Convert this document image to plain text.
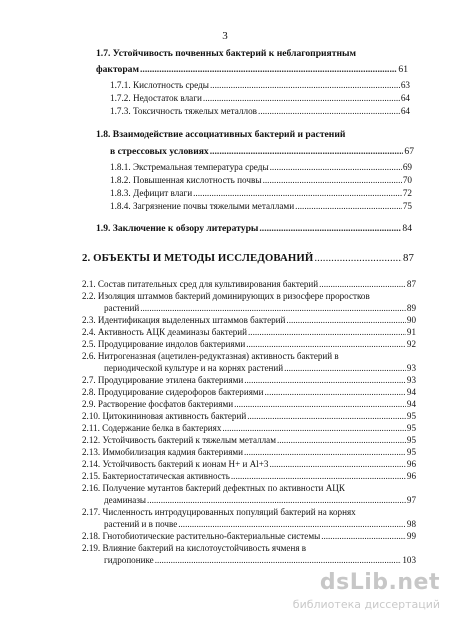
3
1.7. Устойчивость почвенных бактерий к неблагоприятным
факторам .....	61
1.7.1. Кислотность среды .....	63
1.7.2. Недостаток влаги .....	64
1.7.3. Токсичность тяжелых металлов .....	64
1.8. Взаимодействие ассоциативных бактерий и растений
в стрессовых условиях .....	67
1.8.1. Экстремальная температура среды .....	69
1.8.2. Повышенная кислотность почвы .....	70
1.8.3. Дефицит влаги .....	72
1.8.4. Загрязнение почвы тяжелыми металлами .....	75
1.9. Заключение к обзору литературы .....	84
2. ОБЪЕКТЫ И МЕТОДЫ ИССЛЕДОВАНИЙ .....	87
2.1. Состав питательных сред для культивирования бактерий .....	87
2.2. Изоляция штаммов бактерий доминирующих в ризосфере проростков
растений .....	89
2.3. Идентификация выделенных штаммов бактерий .....	90
2.4. Активность АЦК деаминазы бактерий .....	91
2.5. Продуцирование индолов бактериями .....	92
2.6. Нитрогеназная (ацетилен-редуктазная) активность бактерий в
периодической культуре и на корнях растений .....	93
2.7. Продуцирование этилена бактериями .....	93
2.8. Продуцирование сидерофоров бактериями .....	94
2.9. Растворение фосфатов бактериями .....	94
2.10. Цитокининовая активность бактерий .....	95
2.11. Содержание белка в бактериях .....	95
2.12. Устойчивость бактерий к тяжелым металлам .....	95
2.13. Иммобилизация кадмия бактериями .....	95
2.14. Устойчивость бактерий к ионам H+ и Al+3 .....	96
2.15. Бактериостатическая активность .....	96
2.16. Получение мутантов бактерий дефектных по активности АЦК
деаминазы .....	97
2.17. Численность интродуцированных популяций бактерий на корнях
растений и в почве .....	98
2.18. Гнотобиотические растительно-бактериальные системы .....	99
2.19. Влияние бактерий на кислотоустойчивость ячменя в
гидропонике .....	103
dsLib.net
библиотека диссертаций
